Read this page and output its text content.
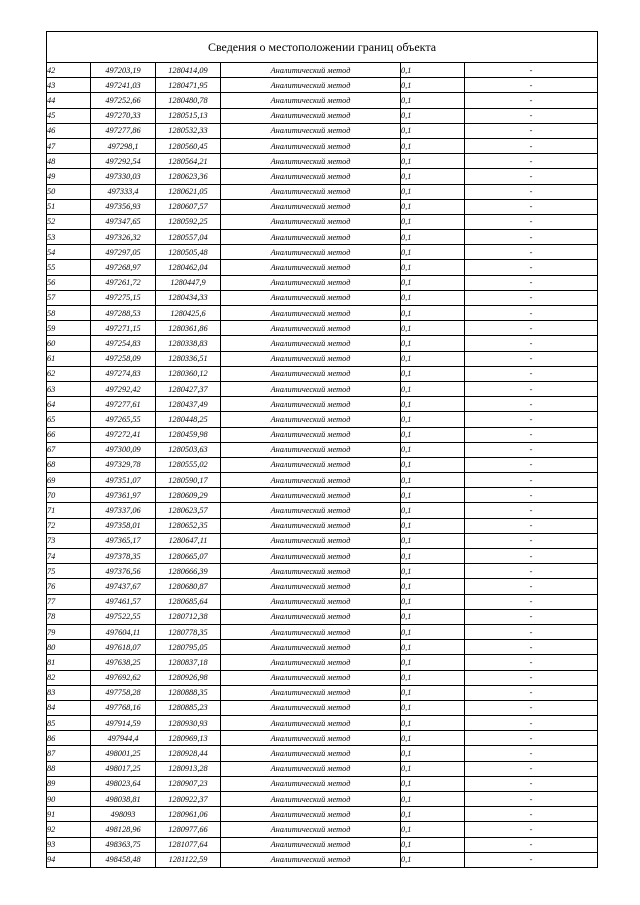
Сведения о местоположении границ объекта					
42	497203,19	1280414,09	Аналитический метод	0,1	-
43	497241,03	1280471,95	Аналитический метод	0,1	-
44	497252,66	1280480,78	Аналитический метод	0,1	-
45	497270,33	1280515,13	Аналитический метод	0,1	-
46	497277,86	1280532,33	Аналитический метод	0,1	-
47	497298,1	1280560,45	Аналитический метод	0,1	-
48	497292,54	1280564,21	Аналитический метод	0,1	-
49	497330,03	1280623,36	Аналитический метод	0,1	-
50	497333,4	1280621,05	Аналитический метод	0,1	-
51	497356,93	1280607,57	Аналитический метод	0,1	-
52	497347,65	1280592,25	Аналитический метод	0,1	-
53	497326,32	1280557,04	Аналитический метод	0,1	-
54	497297,05	1280505,48	Аналитический метод	0,1	-
55	497268,97	1280462,04	Аналитический метод	0,1	-
56	497261,72	1280447,9	Аналитический метод	0,1	-
57	497275,15	1280434,33	Аналитический метод	0,1	-
58	497288,53	1280425,6	Аналитический метод	0,1	-
59	497271,15	1280361,86	Аналитический метод	0,1	-
60	497254,83	1280338,83	Аналитический метод	0,1	-
61	497258,09	1280336,51	Аналитический метод	0,1	-
62	497274,83	1280360,12	Аналитический метод	0,1	-
63	497292,42	1280427,37	Аналитический метод	0,1	-
64	497277,61	1280437,49	Аналитический метод	0,1	-
65	497265,55	1280448,25	Аналитический метод	0,1	-
66	497272,41	1280459,98	Аналитический метод	0,1	-
67	497300,09	1280503,63	Аналитический метод	0,1	-
68	497329,78	1280555,02	Аналитический метод	0,1	-
69	497351,07	1280590,17	Аналитический метод	0,1	-
70	497361,97	1280609,29	Аналитический метод	0,1	-
71	497337,06	1280623,57	Аналитический метод	0,1	-
72	497358,01	1280652,35	Аналитический метод	0,1	-
73	497365,17	1280647,11	Аналитический метод	0,1	-
74	497378,35	1280665,07	Аналитический метод	0,1	-
75	497376,56	1280666,39	Аналитический метод	0,1	-
76	497437,67	1280680,87	Аналитический метод	0,1	-
77	497461,57	1280685,64	Аналитический метод	0,1	-
78	497522,55	1280712,38	Аналитический метод	0,1	-
79	497604,11	1280778,35	Аналитический метод	0,1	-
80	497618,07	1280795,05	Аналитический метод	0,1	-
81	497638,25	1280837,18	Аналитический метод	0,1	-
82	497692,62	1280926,98	Аналитический метод	0,1	-
83	497758,28	1280888,35	Аналитический метод	0,1	-
84	497768,16	1280885,23	Аналитический метод	0,1	-
85	497914,59	1280930,93	Аналитический метод	0,1	-
86	497944,4	1280969,13	Аналитический метод	0,1	-
87	498001,25	1280928,44	Аналитический метод	0,1	-
88	498017,25	1280913,28	Аналитический метод	0,1	-
89	498023,64	1280907,23	Аналитический метод	0,1	-
90	498038,81	1280922,37	Аналитический метод	0,1	-
91	498093	1280961,06	Аналитический метод	0,1	-
92	498128,96	1280977,66	Аналитический метод	0,1	-
93	498363,75	1281077,64	Аналитический метод	0,1	-
94	498458,48	1281122,59	Аналитический метод	0,1	-
